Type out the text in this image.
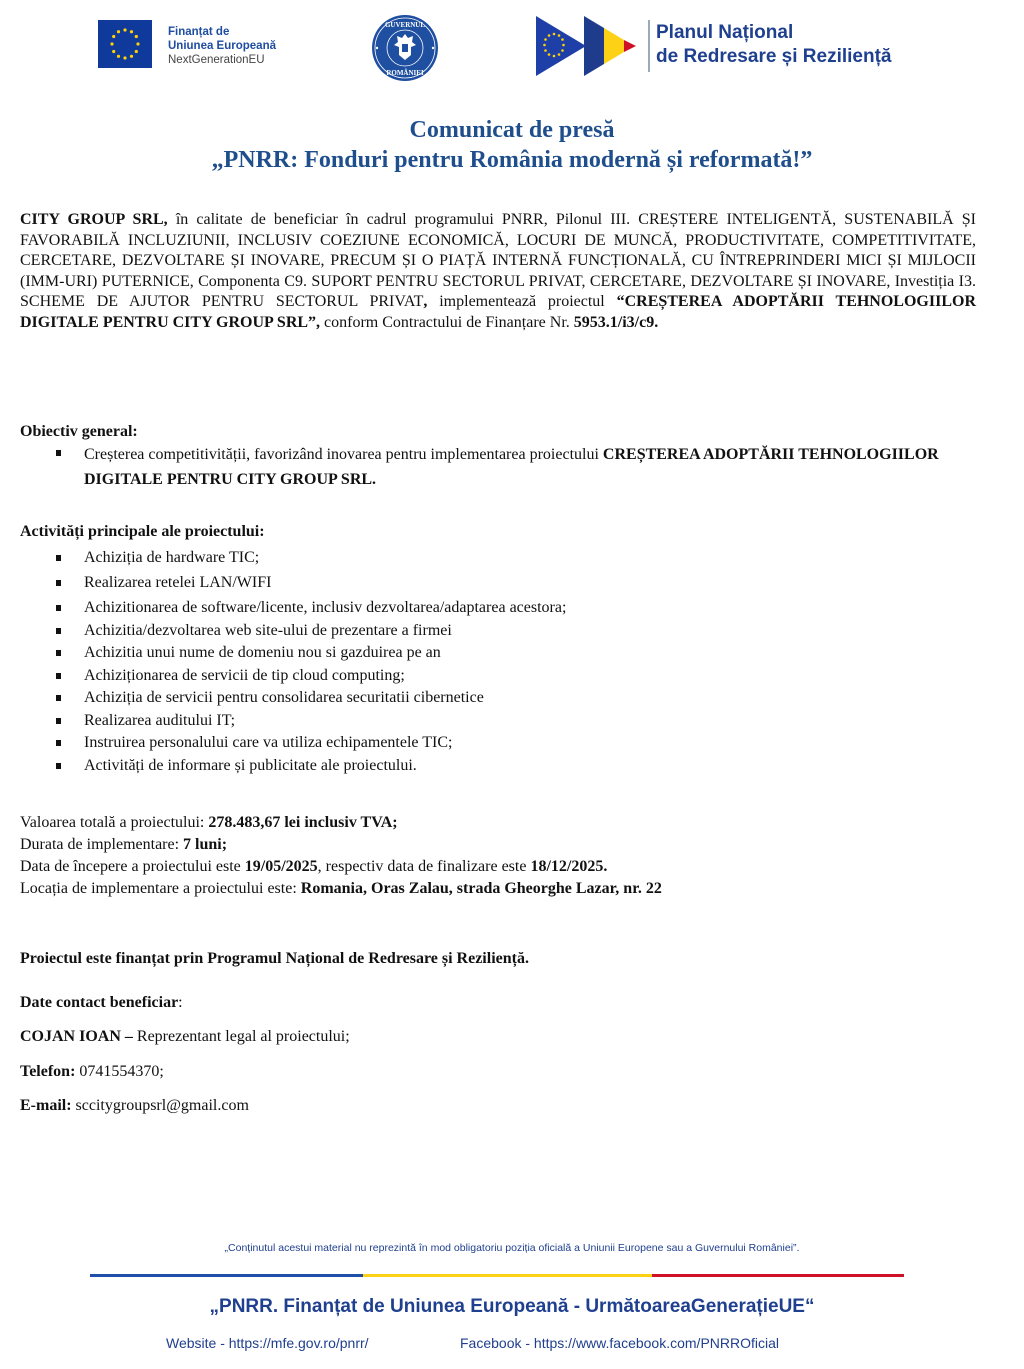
Finanțat de
Uniunea Europeană
NextGenerationEU
GUVERNUL
ROMÂNIEI
Planul Național
de Redresare și Reziliență
Comunicat de presă
„PNRR: Fonduri pentru România modernă și reformată!”
CITY GROUP SRL, în calitate de beneficiar în cadrul programului PNRR, Pilonul III. CREȘTERE INTELIGENTĂ, SUSTENABILĂ ȘI FAVORABILĂ INCLUZIUNII, INCLUSIV COEZIUNE ECONOMICĂ, LOCURI DE MUNCĂ, PRODUCTIVITATE, COMPETITIVITATE, CERCETARE, DEZVOLTARE ȘI INOVARE, PRECUM ȘI O PIAȚĂ INTERNĂ FUNCȚIONALĂ, CU ÎNTREPRINDERI MICI ȘI MIJLOCII (IMM-URI) PUTERNICE, Componenta C9. SUPORT PENTRU SECTORUL PRIVAT, CERCETARE, DEZVOLTARE ȘI INOVARE, Investiția I3. SCHEME DE AJUTOR PENTRU SECTORUL PRIVAT, implementează proiectul “CREȘTEREA ADOPTĂRII TEHNOLOGIILOR DIGITALE PENTRU CITY GROUP SRL”, conform Contractului de Finanțare Nr. 5953.1/i3/c9.
Obiectiv general:
Creșterea competitivității, favorizând inovarea pentru implementarea proiectului CREȘTEREA ADOPTĂRII TEHNOLOGIILOR DIGITALE PENTRU CITY GROUP SRL.
Activități principale ale proiectului:
Achiziția de hardware TIC;
Realizarea retelei LAN/WIFI
Achizitionarea de software/licente, inclusiv dezvoltarea/adaptarea acestora;
Achizitia/dezvoltarea web site-ului de prezentare a firmei
Achizitia unui nume de domeniu nou si gazduirea pe an
Achiziționarea de servicii de tip cloud computing;
Achiziția de servicii pentru consolidarea securitatii cibernetice
Realizarea auditului IT;
Instruirea personalului care va utiliza echipamentele TIC;
Activități de informare și publicitate ale proiectului.
Valoarea totală a proiectului: 278.483,67 lei inclusiv TVA;
Durata de implementare: 7 luni;
Data de începere a proiectului este 19/05/2025, respectiv data de finalizare este 18/12/2025.
Locația de implementare a proiectului este: Romania, Oras Zalau, strada Gheorghe Lazar, nr. 22
Proiectul este finanțat prin Programul Național de Redresare și Reziliență.
Date contact beneficiar:
COJAN IOAN – Reprezentant legal al proiectului;
Telefon: 0741554370;
E-mail: sccitygroupsrl@gmail.com
„Conținutul acestui material nu reprezintă în mod obligatoriu poziția oficială a Uniunii Europene sau a Guvernului României”.
„PNRR. Finanțat de Uniunea Europeană - UrmătoareaGenerațieUE“
Website - https://mfe.gov.ro/pnrr/	Facebook - https://www.facebook.com/PNRROficial
